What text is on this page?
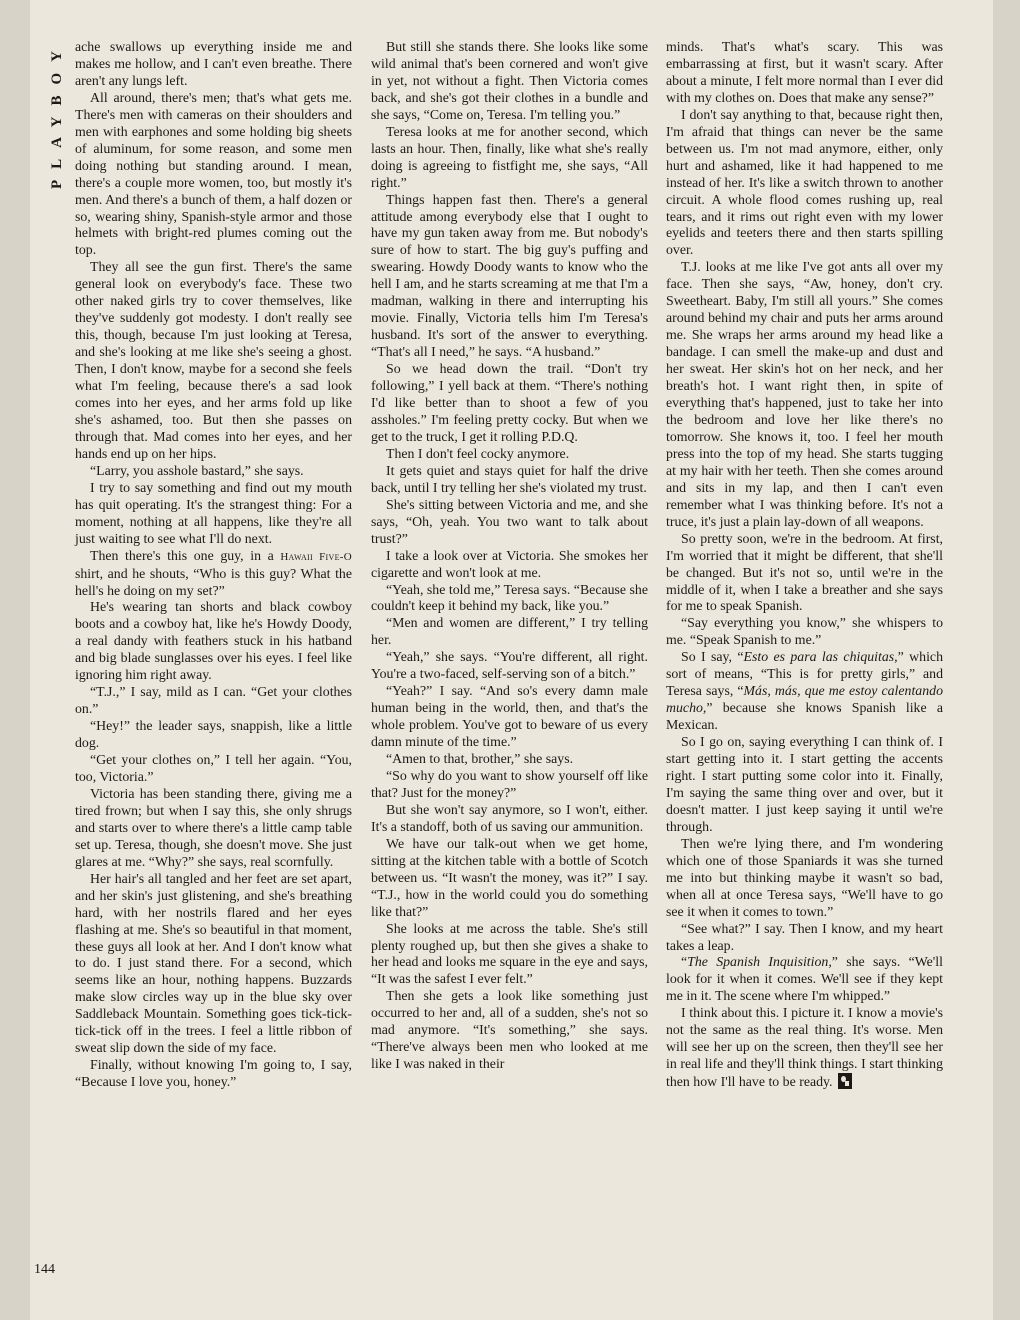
PLAYBOY ache swallows up everything inside me and makes me hollow, and I can't even breathe. There aren't any lungs left.

All around, there's men; that's what gets me. There's men with cameras on their shoulders and men with earphones and some holding big sheets of aluminum, for some reason, and some men doing nothing but standing around. I mean, there's a couple more women, too, but mostly it's men. And there's a bunch of them, a half dozen or so, wearing shiny, Spanish-style armor and those helmets with bright-red plumes coming out the top.

They all see the gun first. There's the same general look on everybody's face. These two other naked girls try to cover themselves, like they've suddenly got modesty. I don't really see this, though, because I'm just looking at Teresa, and she's looking at me like she's seeing a ghost. Then, I don't know, maybe for a second she feels what I'm feeling, because there's a sad look comes into her eyes, and her arms fold up like she's ashamed, too. But then she passes on through that. Mad comes into her eyes, and her hands end up on her hips.

“Larry, you asshole bastard,” she says.

I try to say something and find out my mouth has quit operating. It's the strangest thing: For a moment, nothing at all happens, like they're all just waiting to see what I'll do next.

Then there's this one guy, in a Hawaii Five-O shirt, and he shouts, “Who is this guy? What the hell's he doing on my set?”

He's wearing tan shorts and black cowboy boots and a cowboy hat, like he's Howdy Doody, a real dandy with feathers stuck in his hatband and big blade sunglasses over his eyes. I feel like ignoring him right away.

“T.J.,” I say, mild as I can. “Get your clothes on.”

“Hey!” the leader says, snappish, like a little dog.

“Get your clothes on,” I tell her again. “You, too, Victoria.”

Victoria has been standing there, giving me a tired frown; but when I say this, she only shrugs and starts over to where there's a little camp table set up. Teresa, though, she doesn't move. She just glares at me. “Why?” she says, real scornfully.

Her hair's all tangled and her feet are set apart, and her skin's just glistening, and she's breathing hard, with her nostrils flared and her eyes flashing at me. She's so beautiful in that moment, these guys all look at her. And I don't know what to do. I just stand there. For a second, which seems like an hour, nothing happens. Buzzards make slow circles way up in the blue sky over Saddleback Mountain. Something goes tick-tick-tick-tick off in the trees. I feel a little ribbon of sweat slip down the side of my face.

Finally, without knowing I'm going to, I say, “Because I love you, honey.”

But still she stands there. She looks like some wild animal that's been cornered and won't give in yet, not without a fight. Then Victoria comes back, and she's got their clothes in a bundle and she says, “Come on, Teresa. I'm telling you.”

Teresa looks at me for another second, which lasts an hour. Then, finally, like what she's really doing is agreeing to fistfight me, she says, “All right.”

Things happen fast then. There's a general attitude among everybody else that I ought to have my gun taken away from me. But nobody's sure of how to start. The big guy's puffing and swearing. Howdy Doody wants to know who the hell I am, and he starts screaming at me that I'm a madman, walking in there and interrupting his movie. Finally, Victoria tells him I'm Teresa's husband. It's sort of the answer to everything. “That's all I need,” he says. “A husband.”

So we head down the trail. “Don't try following,” I yell back at them. “There's nothing I'd like better than to shoot a few of you assholes.” I'm feeling pretty cocky. But when we get to the truck, I get it rolling P.D.Q.

Then I don't feel cocky anymore.

It gets quiet and stays quiet for half the drive back, until I try telling her she's violated my trust.

She's sitting between Victoria and me, and she says, “Oh, yeah. You two want to talk about trust?”

I take a look over at Victoria. She smokes her cigarette and won't look at me.

“Yeah, she told me,” Teresa says. “Because she couldn't keep it behind my back, like you.”

“Men and women are different,” I try telling her.

“Yeah,” she says. “You're different, all right. You're a two-faced, self-serving son of a bitch.”

“Yeah?” I say. “And so's every damn male human being in the world, then, and that's the whole problem. You've got to beware of us every damn minute of the time.”

“Amen to that, brother,” she says.

“So why do you want to show yourself off like that? Just for the money?”

But she won't say anymore, so I won't, either. It's a standoff, both of us saving our ammunition.

We have our talk-out when we get home, sitting at the kitchen table with a bottle of Scotch between us. “It wasn't the money, was it?” I say. “T.J., how in the world could you do something like that?”

She looks at me across the table. She's still plenty roughed up, but then she gives a shake to her head and looks me square in the eye and says, “It was the safest I ever felt.”

Then she gets a look like something just occurred to her and, all of a sudden, she's not so mad anymore. “It's something,” she says. “There've always been men who looked at me like I was naked in their

minds. That's what's scary. This was embarrassing at first, but it wasn't scary. After about a minute, I felt more normal than I ever did with my clothes on. Does that make any sense?”

I don't say anything to that, because right then, I'm afraid that things can never be the same between us. I'm not mad anymore, either, only hurt and ashamed, like it had happened to me instead of her. It's like a switch thrown to another circuit. A whole flood comes rushing up, real tears, and it rims out right even with my lower eyelids and teeters there and then starts spilling over.

T.J. looks at me like I've got ants all over my face. Then she says, “Aw, honey, don't cry. Sweetheart. Baby, I'm still all yours.” She comes around behind my chair and puts her arms around me. She wraps her arms around my head like a bandage. I can smell the make-up and dust and her sweat. Her skin's hot on her neck, and her breath's hot. I want right then, in spite of everything that's happened, just to take her into the bedroom and love her like there's no tomorrow. She knows it, too. I feel her mouth press into the top of my head. She starts tugging at my hair with her teeth. Then she comes around and sits in my lap, and then I can't even remember what I was thinking before. It's not a truce, it's just a plain lay-down of all weapons.

So pretty soon, we're in the bedroom. At first, I'm worried that it might be different, that she'll be changed. But it's not so, until we're in the middle of it, when I take a breather and she says for me to speak Spanish.

“Say everything you know,” she whispers to me. “Speak Spanish to me.”

So I say, “Esto es para las chiquitas,” which sort of means, “This is for pretty girls,” and Teresa says, “Más, más, que me estoy calentando mucho,” because she knows Spanish like a Mexican.

So I go on, saying everything I can think of. I start getting into it. I start getting the accents right. I start putting some color into it. Finally, I'm saying the same thing over and over, but it doesn't matter. I just keep saying it until we're through.

Then we're lying there, and I'm wondering which one of those Spaniards it was she turned me into but thinking maybe it wasn't so bad, when all at once Teresa says, “We'll have to go see it when it comes to town.”

“See what?” I say. Then I know, and my heart takes a leap.

“The Spanish Inquisition,” she says. “We'll look for it when it comes. We'll see if they kept me in it. The scene where I'm whipped.”

I think about this. I picture it. I know a movie's not the same as the real thing. It's worse. Men will see her up on the screen, then they'll see her in real life and they'll think things. I start thinking then how I'll have to be ready.

144
